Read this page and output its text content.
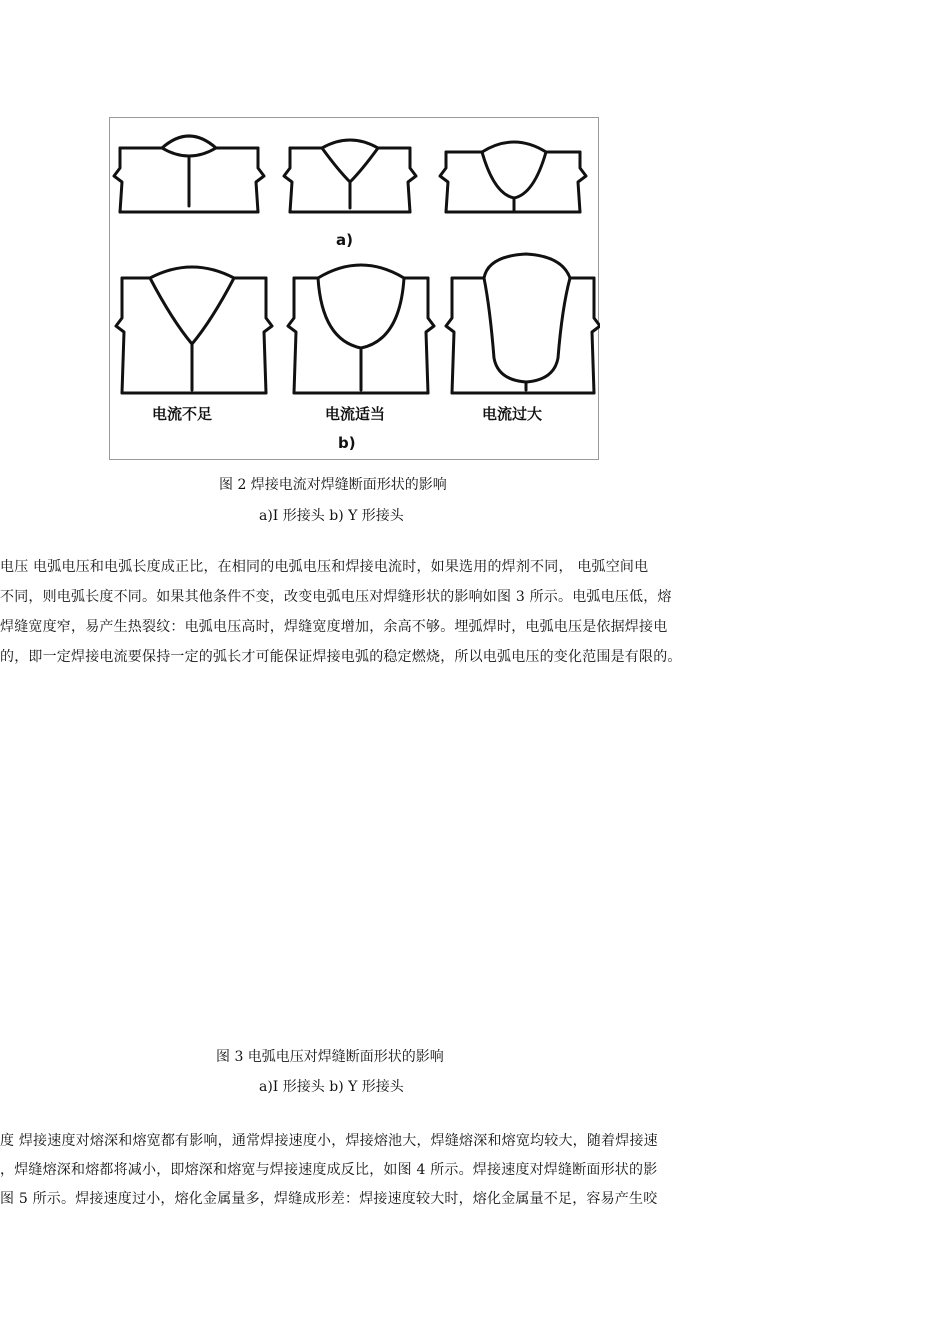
a)
电流不足	电流适当	电流过大
b)
图 2 焊接电流对焊缝断面形状的影响
a)I 形接头 b) Y 形接头
电压 电弧电压和电弧长度成正比，在相同的电弧电压和焊接电流时，如果选用的焊剂不同， 电弧空间电
不同，则电弧长度不同。如果其他条件不变，改变电弧电压对焊缝形状的影响如图 3 所示。电弧电压低，熔
焊缝宽度窄，易产生热裂纹：电弧电压高时，焊缝宽度增加，余高不够。埋弧焊时，电弧电压是依据焊接电
的，即一定焊接电流要保持一定的弧长才可能保证焊接电弧的稳定燃烧，所以电弧电压的变化范围是有限的。
图 3 电弧电压对焊缝断面形状的影响
a)I 形接头 b) Y 形接头
度 焊接速度对熔深和熔宽都有影响，通常焊接速度小，焊接熔池大，焊缝熔深和熔宽均较大，随着焊接速
，焊缝熔深和熔都将减小，即熔深和熔宽与焊接速度成反比，如图 4 所示。焊接速度对焊缝断面形状的影
图 5 所示。焊接速度过小，熔化金属量多，焊缝成形差：焊接速度较大时，熔化金属量不足，容易产生咬
